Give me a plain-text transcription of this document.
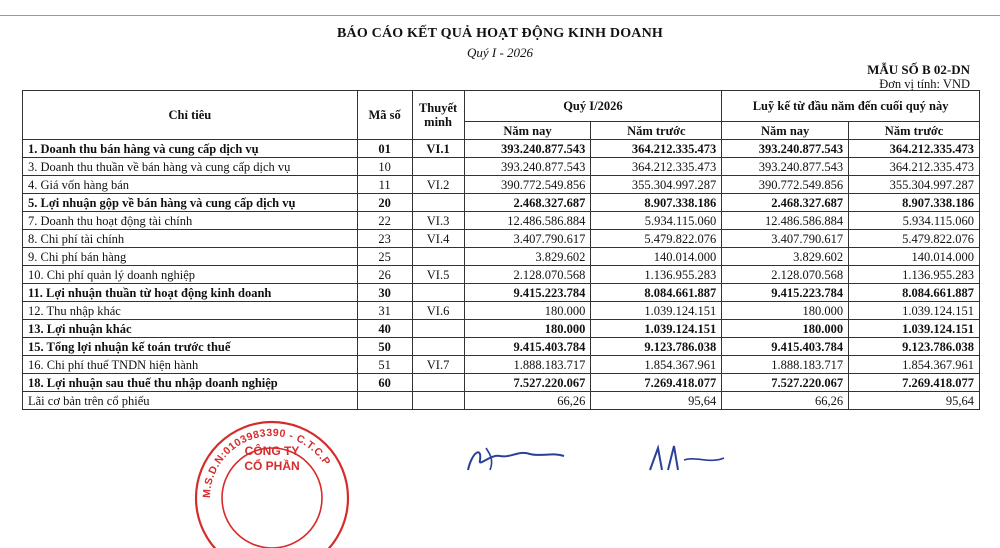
BÁO CÁO KẾT QUẢ HOẠT ĐỘNG KINH DOANH
Quý I - 2026
MẪU SỐ B 02-DN
Đơn vị tính: VND
Chỉ tiêu	Mã số	Thuyết minh	Quý I/2026		Luỹ kế từ đầu năm đến cuối quý này	
			Năm nay	Năm trước	Năm nay	Năm trước
1. Doanh thu bán hàng và cung cấp dịch vụ	01	VI.1	393.240.877.543	364.212.335.473	393.240.877.543	364.212.335.473
3. Doanh thu thuần về bán hàng và cung cấp dịch vụ	10		393.240.877.543	364.212.335.473	393.240.877.543	364.212.335.473
4. Giá vốn hàng bán	11	VI.2	390.772.549.856	355.304.997.287	390.772.549.856	355.304.997.287
5. Lợi nhuận gộp về bán hàng và cung cấp dịch vụ	20		2.468.327.687	8.907.338.186	2.468.327.687	8.907.338.186
7. Doanh thu hoạt động tài chính	22	VI.3	12.486.586.884	5.934.115.060	12.486.586.884	5.934.115.060
8. Chi phí tài chính	23	VI.4	3.407.790.617	5.479.822.076	3.407.790.617	5.479.822.076
9. Chi phí bán hàng	25		3.829.602	140.014.000	3.829.602	140.014.000
10. Chi phí quản lý doanh nghiệp	26	VI.5	2.128.070.568	1.136.955.283	2.128.070.568	1.136.955.283
11. Lợi nhuận thuần từ hoạt động kinh doanh	30		9.415.223.784	8.084.661.887	9.415.223.784	8.084.661.887
12. Thu nhập khác	31	VI.6	180.000	1.039.124.151	180.000	1.039.124.151
13. Lợi nhuận khác	40		180.000	1.039.124.151	180.000	1.039.124.151
15. Tổng lợi nhuận kế toán trước thuế	50		9.415.403.784	9.123.786.038	9.415.403.784	9.123.786.038
16. Chi phí thuế TNDN hiện hành	51	VI.7	1.888.183.717	1.854.367.961	1.888.183.717	1.854.367.961
18. Lợi nhuận sau thuế thu nhập doanh nghiệp	60		7.527.220.067	7.269.418.077	7.527.220.067	7.269.418.077
Lãi cơ bản trên cổ phiếu			66,26	95,64	66,26	95,64
M.S.D.N:0103983390 - C.T.C.P
CÔNG TY
CỔ PHẦN
